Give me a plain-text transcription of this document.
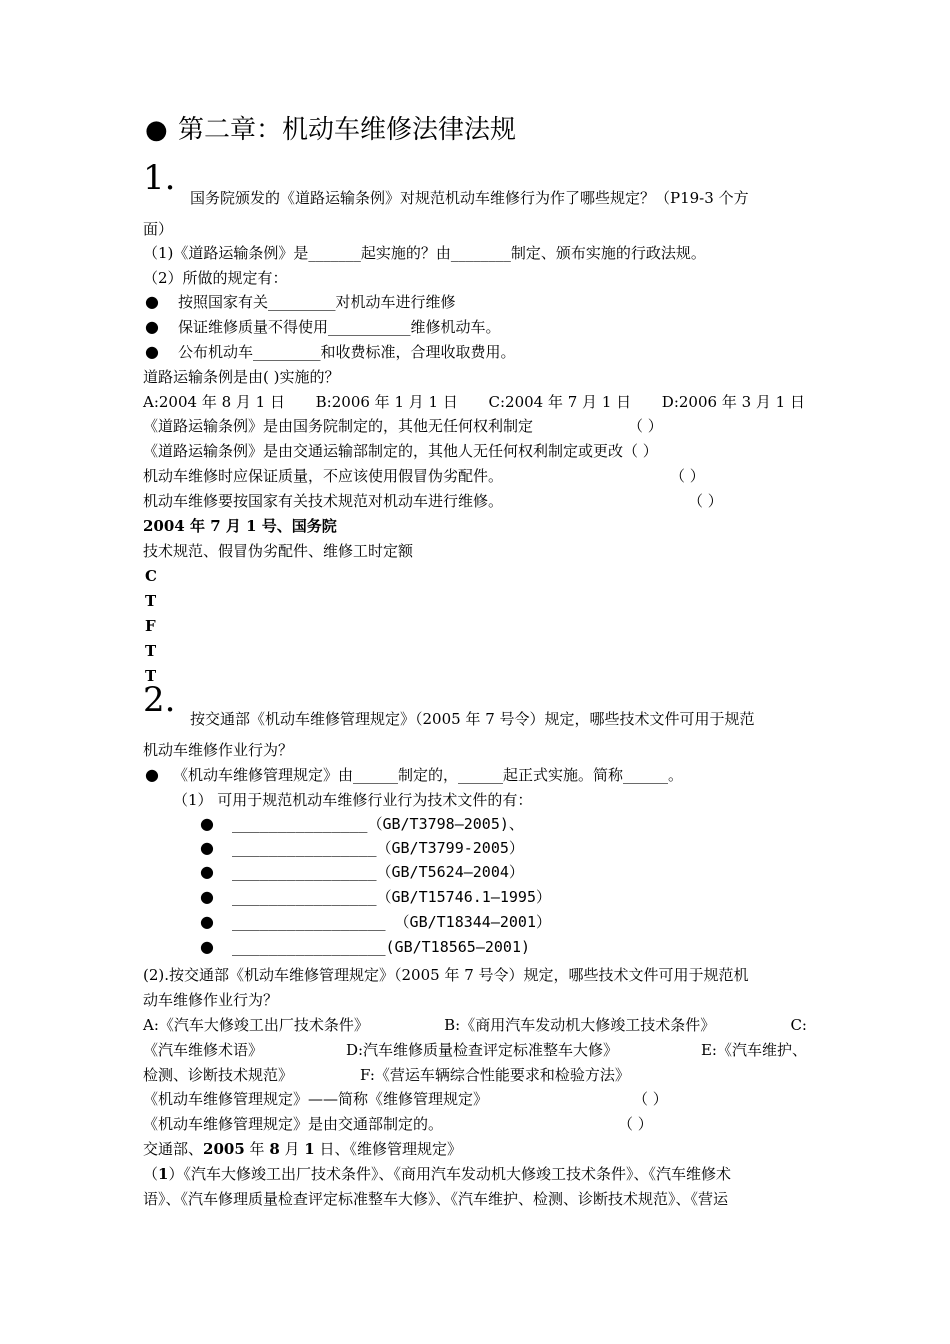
● 第二章：机动车维修法律法规
1. 国务院颁发的《道路运输条例》对规范机动车维修行为作了哪些规定？（P19-3 个方
面）
（1)《道路运输条例》是_______起实施的？由________制定、颁布实施的行政法规。
（2）所做的规定有：
● 按照国家有关_________对机动车进行维修
● 保证维修质量不得使用___________维修机动车。
● 公布机动车_________和收费标准，合理收取费用。
道路运输条例是由( )实施的？
A:2004 年 8 月 1 日 B:2006 年 1 月 1 日 C:2004 年 7 月 1 日 D:2006 年 3 月 1 日
《道路运输条例》是由国务院制定的，其他无任何权利制定	（ ）
《道路运输条例》是由交通运输部制定的，其他人无任何权利制定或更改（ ）
机动车维修时应保证质量，不应该使用假冒伪劣配件。	（ ）
机动车维修要按国家有关技术规范对机动车进行维修。	（ ）
2004 年 7 月 1 号、国务院
技术规范、假冒伪劣配件、维修工时定额
C
T
F
T
T
2. 按交通部《机动车维修管理规定》（2005 年 7 号令）规定，哪些技术文件可用于规范
机动车维修作业行为？
● 《机动车维修管理规定》由______制定的，______起正式实施。简称______。
（1） 可用于规范机动车维修行业行为技术文件的有：
● _______________（GB/T3798—2005)、
● ________________（GB/T3799-2005）
● ________________（GB/T5624—2004）
● ________________（GB/T15746.1—1995）
● _________________ （GB/T18344—2001）
● _________________(GB/T18565—2001)
(2).按交通部《机动车维修管理规定》（2005 年 7 号令）规定，哪些技术文件可用于规范机
动车维修作业行为？
A:《汽车大修竣工出厂技术条件》	B:《商用汽车发动机大修竣工技术条件》	C:
《汽车维修术语》	D:汽车维修质量检查评定标准整车大修》	E:《汽车维护、
检测、诊断技术规范》	F:《营运车辆综合性能要求和检验方法》
《机动车维修管理规定》——简称《维修管理规定》	（ ）
《机动车维修管理规定》是由交通部制定的。	（ ）
交通部、2005 年 8 月 1 日、《维修管理规定》
（1）《汽车大修竣工出厂技术条件》、《商用汽车发动机大修竣工技术条件》、《汽车维修术
语》、《汽车修理质量检查评定标准整车大修》、《汽车维护、检测、诊断技术规范》、《营运
